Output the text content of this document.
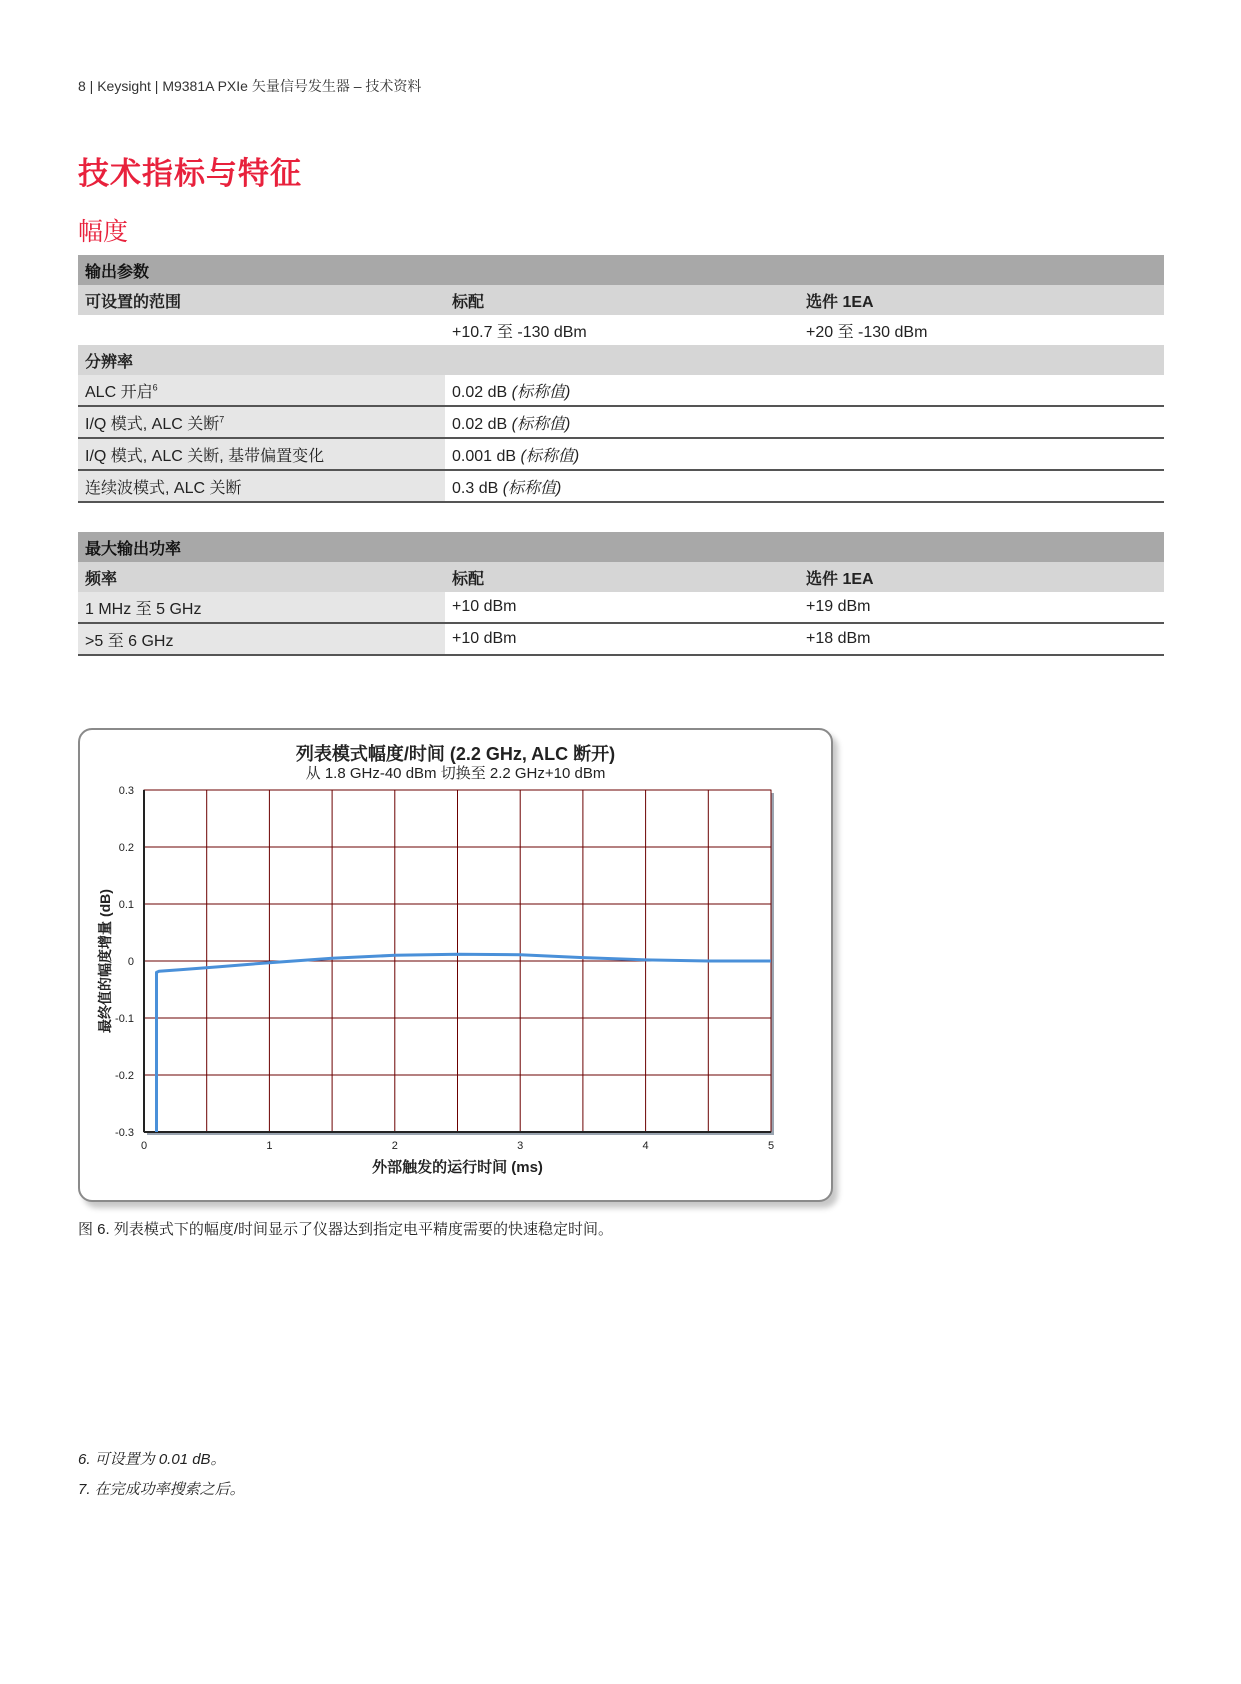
8 | Keysight | M9381A PXIe 矢量信号发生器 – 技术资料
技术指标与特征
幅度
输出参数		
可设置的范围	标配	选件 1EA
	+10.7 至 -130 dBm	+20 至 -130 dBm
分辨率		
ALC 开启$^6$	0.02 dB (标称值)	
I/Q 模式, ALC 关断$^7$	0.02 dB (标称值)	
I/Q 模式, ALC 关断, 基带偏置变化	0.001 dB (标称值)	
连续波模式, ALC 关断	0.3 dB (标称值)	
最大输出功率		
频率	标配	选件 1EA
1 MHz 至 5 GHz	+10 dBm	+19 dBm
>5 至 6 GHz	+10 dBm	+18 dBm
列表模式幅度/时间 (2.2 GHz, ALC 断开)
从 1.8 GHz-40 dBm 切换至 2.2 GHz+10 dBm
0.3
0.2
0.1
0
-0.1
-0.2
-0.3
0	1	2	3	4	5
外部触发的运行时间 (ms)
最终值的幅度增量 (dB)
图 6. 列表模式下的幅度/时间显示了仪器达到指定电平精度需要的快速稳定时间。
6. 可设置为 0.01 dB。
7. 在完成功率搜索之后。
